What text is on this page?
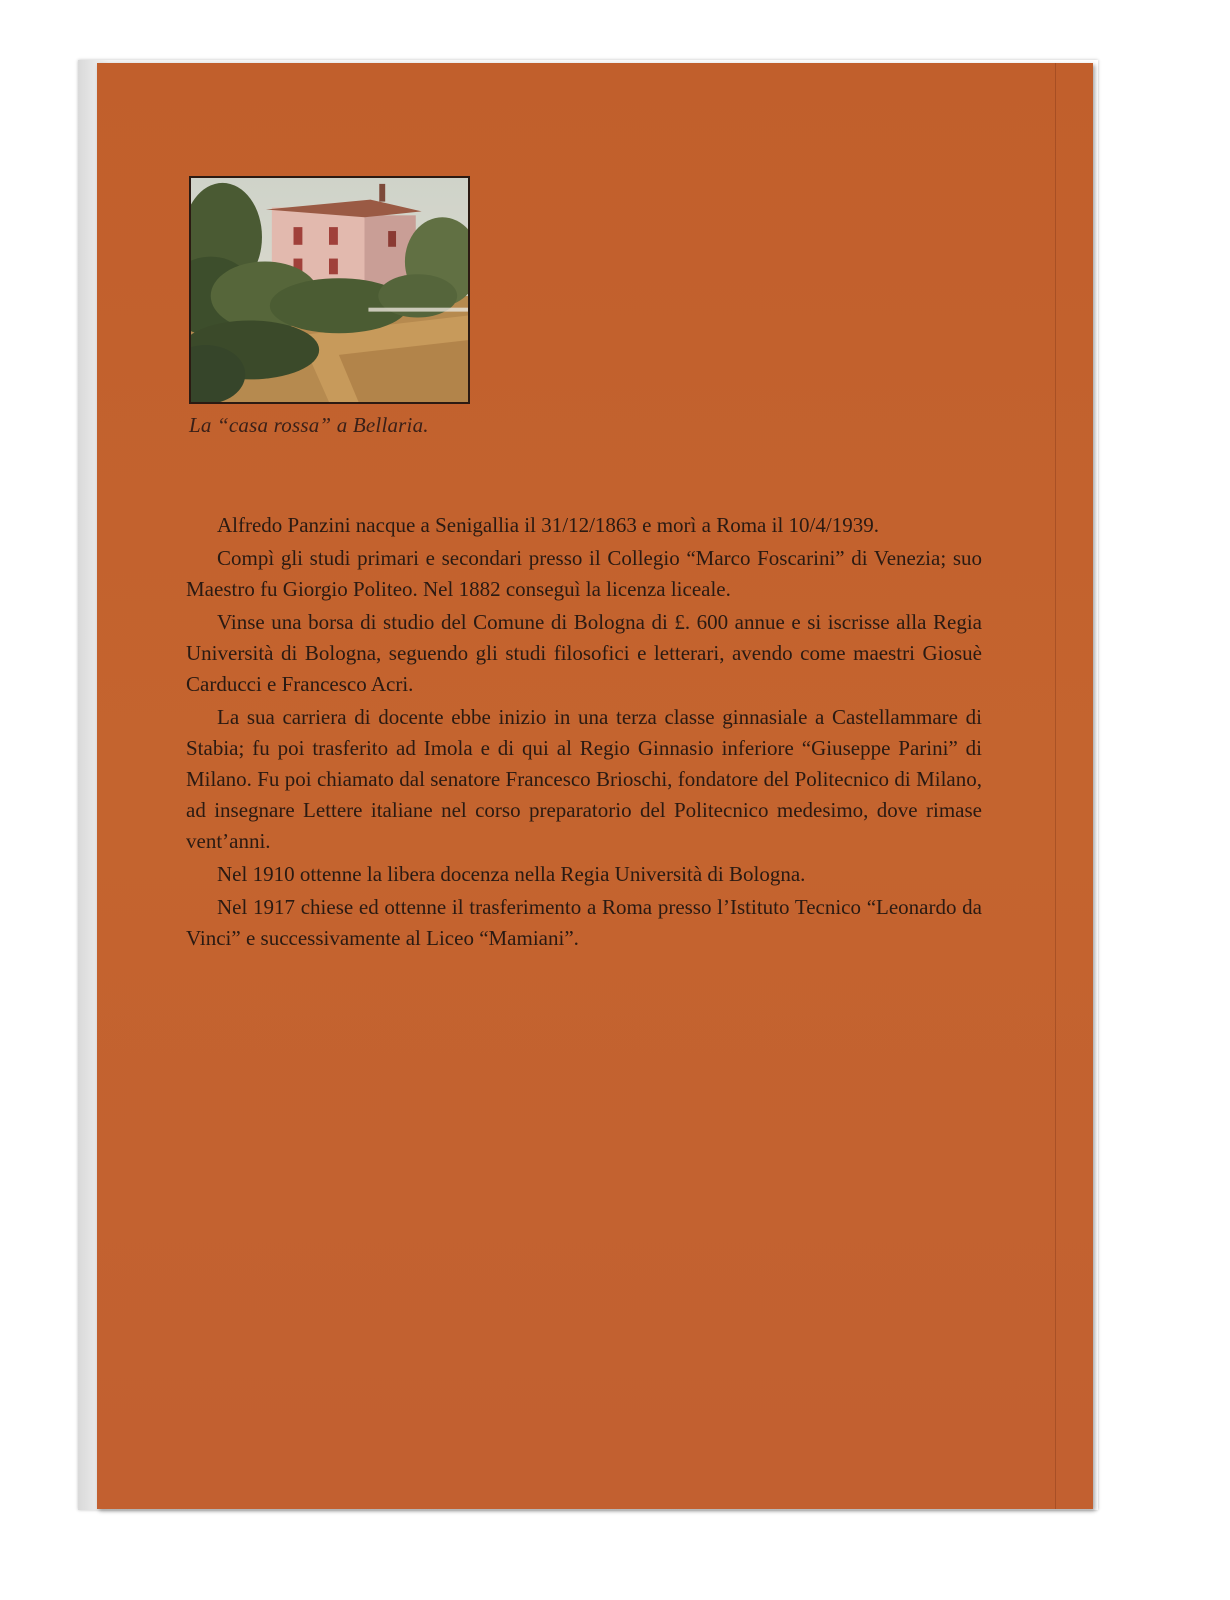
La “casa rossa” a Bellaria.

Alfredo Panzini nacque a Senigallia il 31/12/1863 e morì a Roma il 10/4/1939.

Compì gli studi primari e secondari presso il Collegio “Marco Foscarini” di Venezia; suo Maestro fu Giorgio Politeo. Nel 1882 conseguì la licenza liceale.

Vinse una borsa di studio del Comune di Bologna di £. 600 annue e si iscrisse alla Regia Università di Bologna, seguendo gli studi filosofici e letterari, avendo come maestri Giosuè Carducci e Francesco Acri.

La sua carriera di docente ebbe inizio in una terza classe ginnasiale a Castellammare di Stabia; fu poi trasferito ad Imola e di qui al Regio Ginnasio inferiore “Giuseppe Parini” di Milano. Fu poi chiamato dal senatore Francesco Brioschi, fondatore del Politecnico di Milano, ad insegnare Lettere italiane nel corso preparatorio del Politecnico medesimo, dove rimase vent’anni.

Nel 1910 ottenne la libera docenza nella Regia Università di Bologna.

Nel 1917 chiese ed ottenne il trasferimento a Roma presso l’Istituto Tecnico “Leonardo da Vinci” e successivamente al Liceo “Mamiani”.
